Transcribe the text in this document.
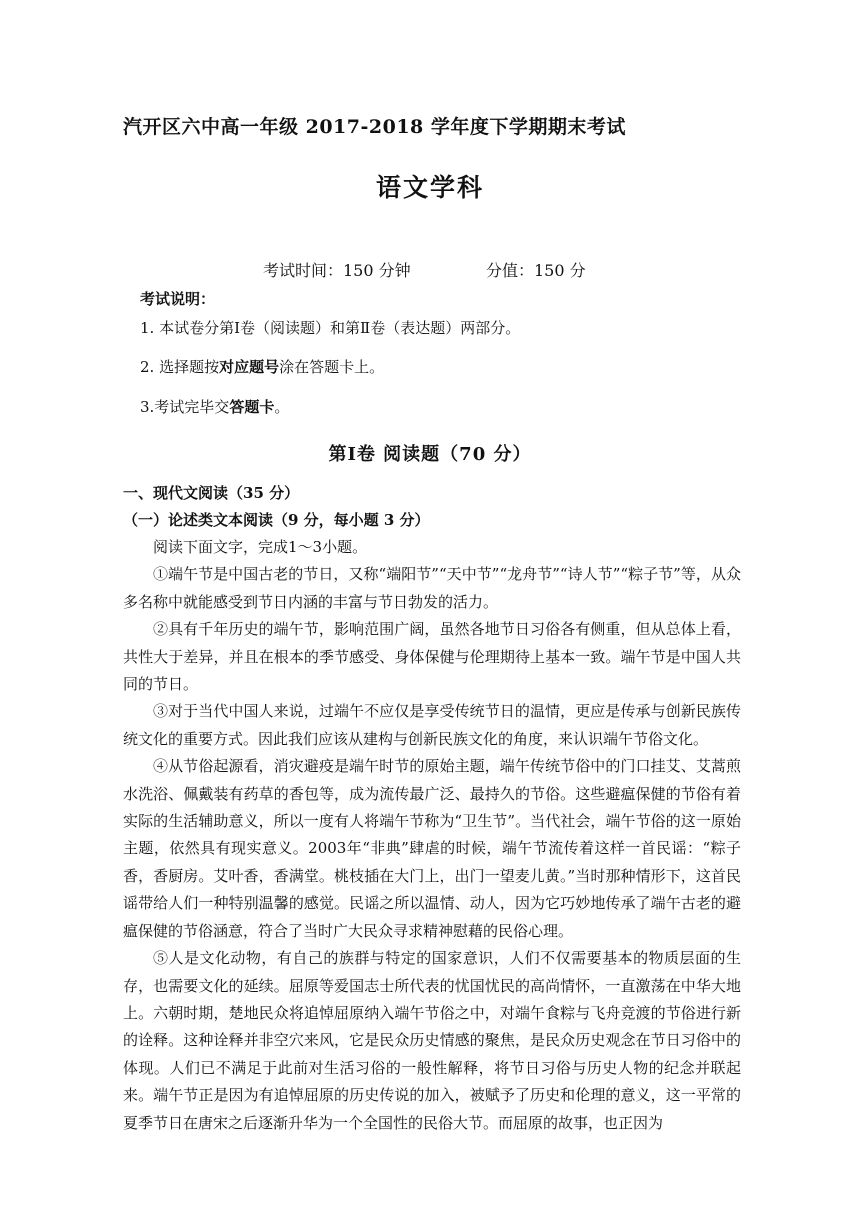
汽开区六中高一年级 2017-2018 学年度下学期期末考试
语文学科
考试时间：150 分钟	分值：150 分
考试说明：
1. 本试卷分第Ⅰ卷（阅读题）和第Ⅱ卷（表达题）两部分。
2. 选择题按对应题号涂在答题卡上。
3.考试完毕交答题卡。
第Ⅰ卷 阅读题（70 分）
一、现代文阅读（35 分）
（一）论述类文本阅读（9 分，每小题 3 分）

阅读下面文字，完成1～3小题。

①端午节是中国古老的节日，又称“端阳节”“天中节”“龙舟节”“诗人节”“粽子节”等，从众多名称中就能感受到节日内涵的丰富与节日勃发的活力。

②具有千年历史的端午节，影响范围广阔，虽然各地节日习俗各有侧重，但从总体上看，共性大于差异，并且在根本的季节感受、身体保健与伦理期待上基本一致。端午节是中国人共同的节日。

③对于当代中国人来说，过端午不应仅是享受传统节日的温情，更应是传承与创新民族传统文化的重要方式。因此我们应该从建构与创新民族文化的角度，来认识端午节俗文化。

④从节俗起源看，消灾避疫是端午时节的原始主题，端午传统节俗中的门口挂艾、艾蒿煎水洗浴、佩戴装有药草的香包等，成为流传最广泛、最持久的节俗。这些避瘟保健的节俗有着实际的生活辅助意义，所以一度有人将端午节称为“卫生节”。当代社会，端午节俗的这一原始主题，依然具有现实意义。2003年“非典”肆虐的时候，端午节流传着这样一首民谣：“粽子香，香厨房。艾叶香，香满堂。桃枝插在大门上，出门一望麦儿黄。”当时那种情形下，这首民谣带给人们一种特别温馨的感觉。民谣之所以温情、动人，因为它巧妙地传承了端午古老的避瘟保健的节俗涵意，符合了当时广大民众寻求精神慰藉的民俗心理。

⑤人是文化动物，有自己的族群与特定的国家意识，人们不仅需要基本的物质层面的生存，也需要文化的延续。屈原等爱国志士所代表的忧国忧民的高尚情怀，一直激荡在中华大地上。六朝时期，楚地民众将追悼屈原纳入端午节俗之中，对端午食粽与飞舟竞渡的节俗进行新的诠释。这种诠释并非空穴来风，它是民众历史情感的聚焦，是民众历史观念在节日习俗中的体现。人们已不满足于此前对生活习俗的一般性解释，将节日习俗与历史人物的纪念并联起来。端午节正是因为有追悼屈原的历史传说的加入，被赋予了历史和伦理的意义，这一平常的夏季节日在唐宋之后逐渐升华为一个全国性的民俗大节。而屈原的故事，也正因为
